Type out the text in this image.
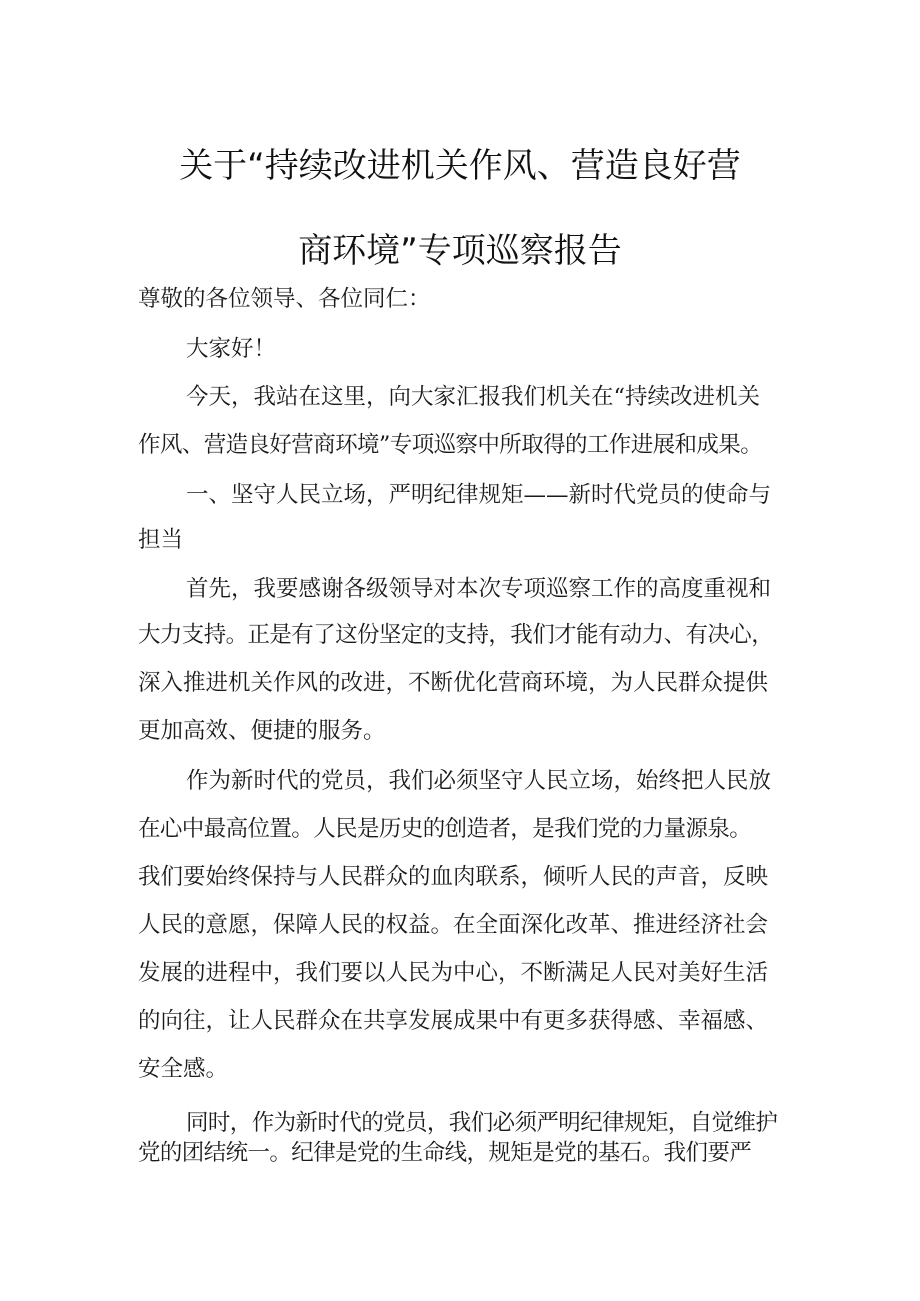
关于“持续改进机关作风、营造良好营
商环境”专项巡察报告
尊敬的各位领导、各位同仁：
大家好！
今天，我站在这里，向大家汇报我们机关在“持续改进机关
作风、营造良好营商环境”专项巡察中所取得的工作进展和成果。
一、坚守人民立场，严明纪律规矩——新时代党员的使命与
担当
首先，我要感谢各级领导对本次专项巡察工作的高度重视和
大力支持。正是有了这份坚定的支持，我们才能有动力、有决心，
深入推进机关作风的改进，不断优化营商环境，为人民群众提供
更加高效、便捷的服务。
作为新时代的党员，我们必须坚守人民立场，始终把人民放
在心中最高位置。人民是历史的创造者，是我们党的力量源泉。
我们要始终保持与人民群众的血肉联系，倾听人民的声音，反映
人民的意愿，保障人民的权益。在全面深化改革、推进经济社会
发展的进程中，我们要以人民为中心，不断满足人民对美好生活
的向往，让人民群众在共享发展成果中有更多获得感、幸福感、
安全感。
同时，作为新时代的党员，我们必须严明纪律规矩，自觉维护
党的团结统一。纪律是党的生命线，规矩是党的基石。我们要严
